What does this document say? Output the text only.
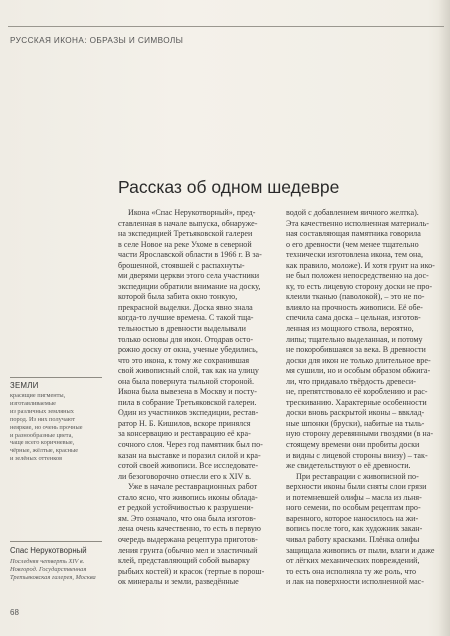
РУССКАЯ ИКОНА: ОБРАЗЫ И СИМВОЛЫ
Рассказ об одном шедевре
Икона «Спас Нерукотворный», пред-
ставленная в начале выпуска, обнаруже-
на экспедицией Третьяковской галереи
в селе Новое на реке Ухоме в северной
части Ярославской области в 1966 г. В за-
брошенной, стоявшей с распахнуты-
ми дверями церкви этого села участники
экспедиции обратили внимание на доску,
которой была забита окно тонкую,
прекрасной выделки. Доска явно знала
когда-то лучшие времена. С такой тща-
тельностью в древности выделывали
только основы для икон. Отодрав осто-
рожно доску от окна, ученые убедились,
что это икона, к тому же сохранившая
свой живописный слой, так как на улицу
она была повернута тыльной стороной.
Икона была вывезена в Москву и посту-
пила в собрание Третьяковской галереи.
Один из участников экспедиции, рестав-
ратор Н. Б. Кишилов, вскоре принялся
за консервацию и реставрацию её кра-
сочного слоя. Через год памятник был по-
казан на выставке и поразил силой и кра-
сотой своей живописи. Все исследовате-
ли безоговорочно отнесли его к XIV в.
Уже в начале реставрационных работ
стало ясно, что живопись иконы облада-
ет редкой устойчивостью к разрушени-
ям. Это означало, что она была изготов-
лена очень качественно, то есть в первую
очередь выдержана рецептура приготов-
ления грунта (обычно мел и эластичный
клей, представляющий собой вываркy
рыбьих костей) и красок (тертые в порош-
ок минералы и земли, разведённые
водой с добавлением яичного желтка).
Эта качественно исполненная материаль-
ная составляющая памятника говорила
о его древности (чем менее тщательно
технически изготовлена икона, тем она,
как правило, моложе). И хотя грунт на ико-
не был положен непосредственно на дос-
ку, то есть лицевую сторону доски не про-
клеили тканью (паволокой), – это не по-
влияло на прочность живописи. Её обе-
спечила сама доска – цельная, изготов-
ленная из мощного ствола, вероятно,
липы; тщательно выделанная, и потому
не покоробившаяся за века. В древности
доски для икон не только длительное вре-
мя сушили, но и особым образом обжига-
ли, что придавало твёрдость древеси-
не, препятствовало её короблению и рас-
трескиванию. Характерные особенности
доски вновь раскрытой иконы – ввклад-
ные шпонки (бруски), набитые на тыль-
ную сторону деревянными гвоздями (в на-
стоящему времени они пробиты доски
и видны с лицевой стороны внизу) – так-
же свидетельствуют о её древности.
При реставрации с живописной по-
верхности иконы были сняты слои грязи
и потемневшей олифы – масла из льня-
ного семени, по особым рецептам про-
варенного, которое наносилось на жи-
вопись после того, как художник закан-
чивал работу красками. Плёнка олифы
защищала живопись от пыли, влаги и даже
от лёгких механических повреждений,
то есть она исполняла ту же роль, что
и лак на поверхности исполненной мас-
ЗЕМЛИ
красящие пигменты,
изготавливаемые
из различных земляных
пород. Из них получают
неяркие, но очень прочные
и разнообразные цвета,
чаще всего коричневые,
чёрные, жёлтые, красные
и зелёных оттенков
Спас Нерукотворный
Последняя четверть XIV в.
Новгород. Государственная
Третьяковская галерея, Москва
68
